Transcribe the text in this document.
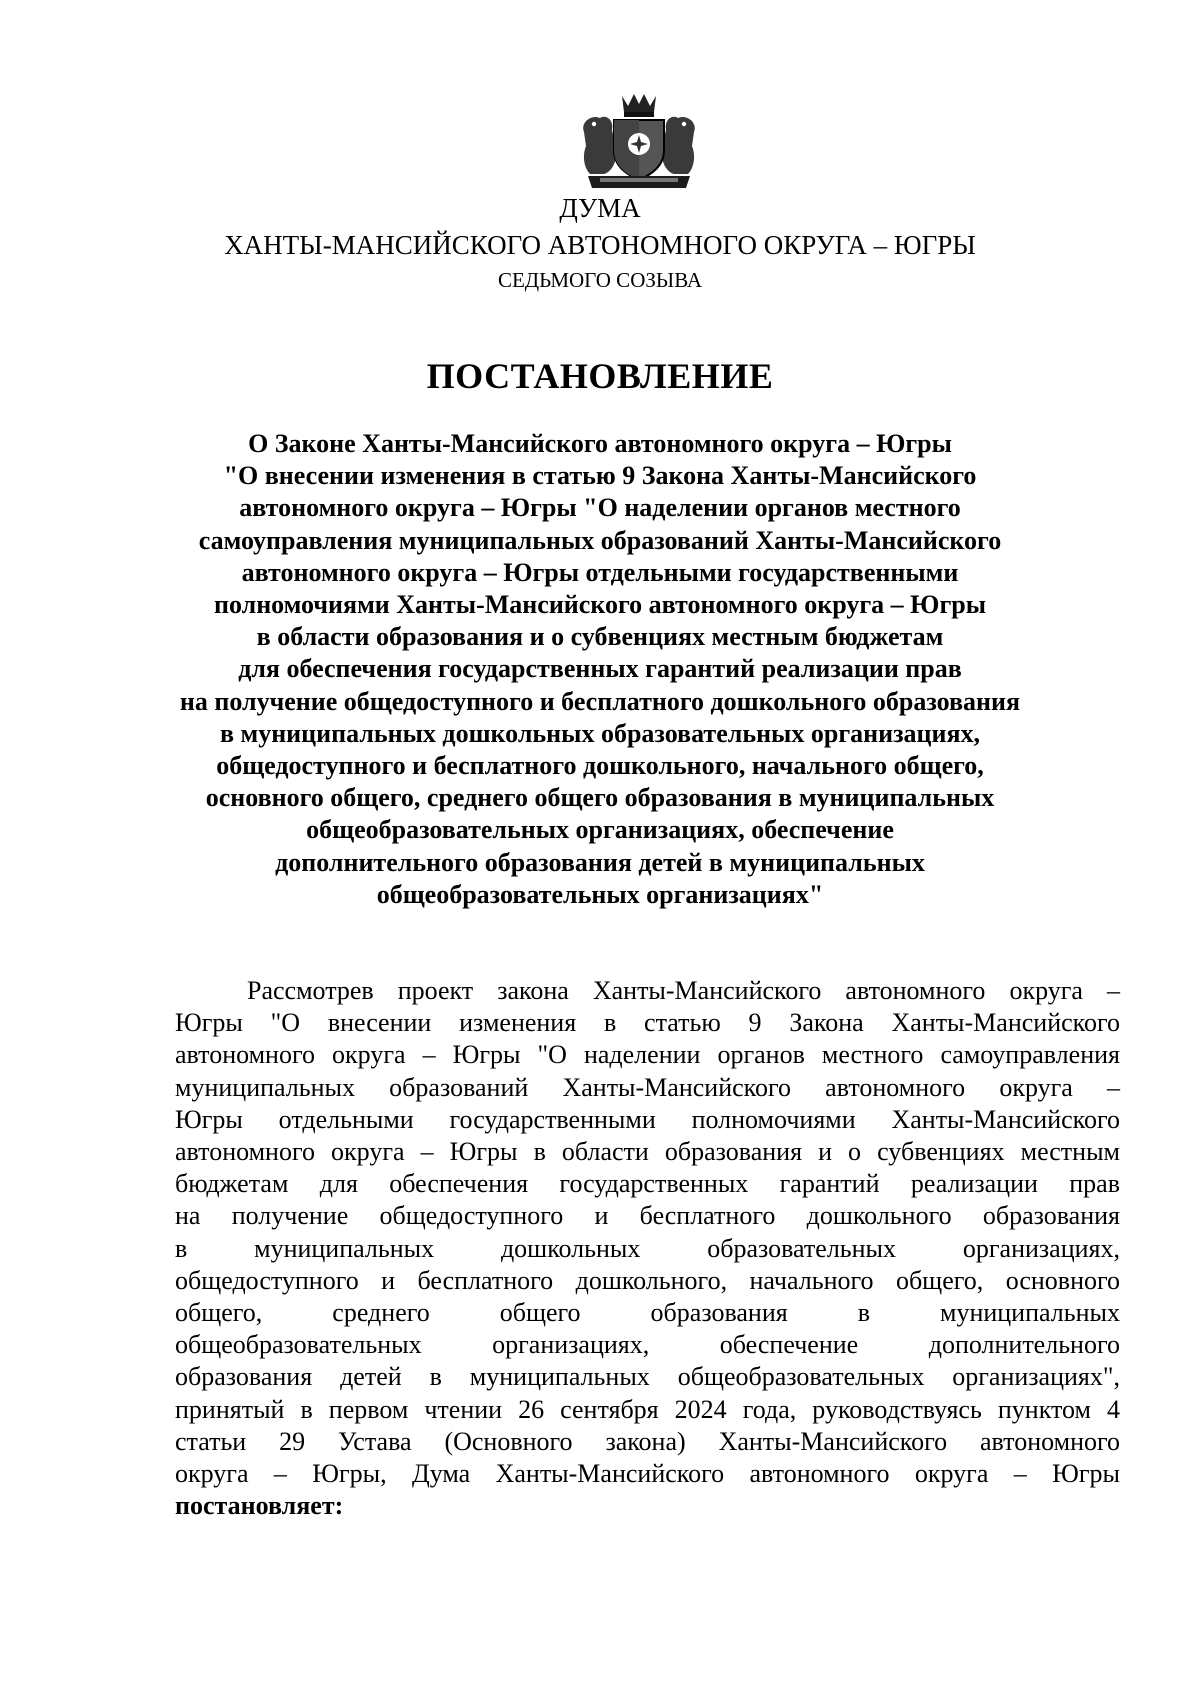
ДУМА
ХАНТЫ-МАНСИЙСКОГО АВТОНОМНОГО ОКРУГА – ЮГРЫ
СЕДЬМОГО СОЗЫВА
ПОСТАНОВЛЕНИЕ
О Законе Ханты-Мансийского автономного округа – Югры
"О внесении изменения в статью 9 Закона Ханты-Мансийского
автономного округа – Югры "О наделении органов местного
самоуправления муниципальных образований Ханты-Мансийского
автономного округа – Югры отдельными государственными
полномочиями Ханты-Мансийского автономного округа – Югры
в области образования и о субвенциях местным бюджетам
для обеспечения государственных гарантий реализации прав
на получение общедоступного и бесплатного дошкольного образования
в муниципальных дошкольных образовательных организациях,
общедоступного и бесплатного дошкольного, начального общего,
основного общего, среднего общего образования в муниципальных
общеобразовательных организациях, обеспечение
дополнительного образования детей в муниципальных
общеобразовательных организациях"
Рассмотрев проект закона Ханты-Мансийского автономного округа –
Югры "О внесении изменения в статью 9 Закона Ханты-Мансийского
автономного округа – Югры "О наделении органов местного самоуправления
муниципальных образований Ханты-Мансийского автономного округа –
Югры отдельными государственными полномочиями Ханты-Мансийского
автономного округа – Югры в области образования и о субвенциях местным
бюджетам для обеспечения государственных гарантий реализации прав
на получение общедоступного и бесплатного дошкольного образования
в муниципальных дошкольных образовательных организациях,
общедоступного и бесплатного дошкольного, начального общего, основного
общего, среднего общего образования в муниципальных
общеобразовательных организациях, обеспечение дополнительного
образования детей в муниципальных общеобразовательных организациях",
принятый в первом чтении 26 сентября 2024 года, руководствуясь пунктом 4
статьи 29 Устава (Основного закона) Ханты-Мансийского автономного
округа – Югры, Дума Ханты-Мансийского автономного округа – Югры
постановляет:
